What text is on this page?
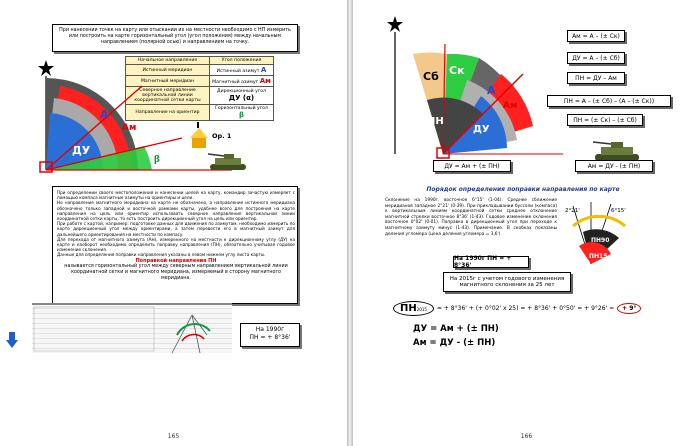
При нанесении точек на карту или отыскании их на местности необходимо с НП измерить или построить на карте горизонтальный угол (угол положения) между начальным направлением (полярной осью) и направлением на точку.
Начальное направление	Угол положения
Истинный меридиан	Истинный азимут А
Магнитный меридиан	Магнитный азимут Ам
Северное направление вертикальной линии координатной сетки карты	Дирекционный угол
ДУ (α)
Направление на ориентир	Горизонтальный угол β
А
Ам
ДУ
β
Ор. 1

При определении своего местоположения и нанесении целей на карту, командир зачастую измеряет с помощью компаса магнитные азимуты на ориентиры и цели.

Но направление магнитного меридиана на карте не обозначено, а направление истинного меридиана обозначено только западной и восточной рамками карты, удобнее всего для построения на карте направления на цель или ориентир использовать северное направление вертикальной линии координатной сетки карты, то есть построить дирекционный угол на цель или ориентир.

При работе с картой, например: подготовке данных для движения по азимутам, необходимо измерить по карте дирекционный угол между ориентирами, а затем перевести его в магнитный азимут для дальнейшего ориентирования на местности по компасу.

Для перехода от магнитного азимута (Ам), измеренного на местности к дирекционному углу (ДУ) на карте и наоборот необходимо определить поправку направления (ПН), обязательно учитывая годовое изменение склонения.

Данные для определения поправки направления указаны в левом нижнем углу листа карты.

Поправкой направления ПН

называется горизонтальный угол между северным направлением вертикальной линии координатной сетки и магнитного меридиана, измеряемый в сторону магнитного меридиана.

На 1990г
ПН = + 8°36'
165
Сб Ск
А
Ам
ПН
ДУ
Ам = А – (± Ск)
ДУ = А – (± Сб)
ПН = ДУ – Ам
ПН = А – (± Сб) – (А – (± Ск))
ПН = (± Ск) – (± Сб)
ДУ = Ам + (± ПН)	Ам = ДУ - (± ПН)
Порядок определения поправки направления по карте
Склонение на 1990г. восточное 6°15' (1-04). Среднее сближение меридианов западное 2°21' (0-39). При прикладывании буссоли (компаса) к вертикальным линиям координатной сетки среднее отклонение магнитной стрелки восточное 8°36' (1-43). Годовое изменение склонения восточное 0°02' (0-01). Поправка в дирекционный угол при переходе к магнитному азимуту минус (1-43). Примечание. В скобках показаны деления угломера (цена деления угломера = 3,6')
2°21'	6°15'
ПН90
ПН15
На 1990г ПН = + 8°36'
На 2015г с учетом годового изменения магнитного склонения за 25 лет
ПН 2015 = + 8°36' + (+ 0°02' х 25) = + 8°36' + 0°50' = + 9°26' ≈	+ 9°
ДУ = Ам + (± ПН)
Ам = ДУ - (± ПН)
166
